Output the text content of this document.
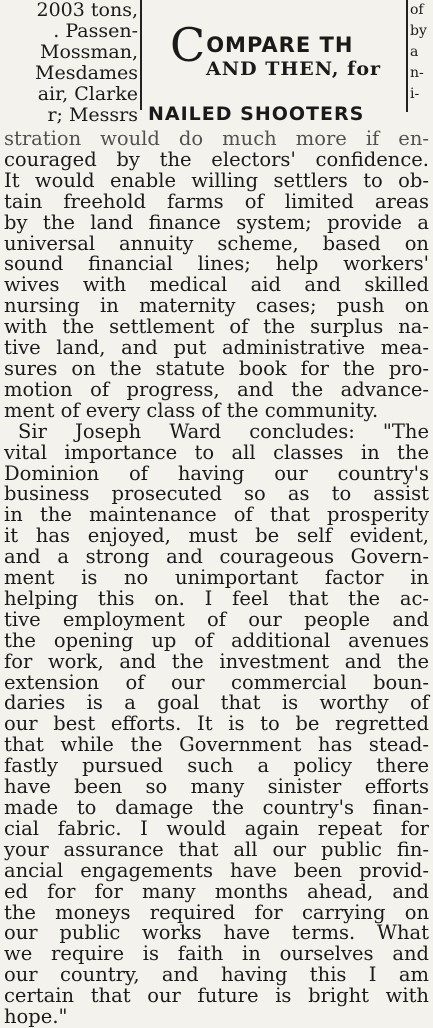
2003 tons,
. Passen-
Mossman,
Mesdames
air, Clarke
r; Messrs
COMPARE TH
AND THEN, for
of
by
a
n-
i-
NAILED SHOOTERS
stration would do much more if en-
couraged by the electors' confidence.
It would enable willing settlers to ob-
tain freehold farms of limited areas
by the land finance system; provide a
universal annuity scheme, based on
sound financial lines; help workers'
wives with medical aid and skilled
nursing in maternity cases; push on
with the settlement of the surplus na-
tive land, and put administrative mea-
sures on the statute book for the pro-
motion of progress, and the advance-
ment of every class of the community.
Sir Joseph Ward concludes: "The
vital importance to all classes in the
Dominion of having our country's
business prosecuted so as to assist
in the maintenance of that prosperity
it has enjoyed, must be self evident,
and a strong and courageous Govern-
ment is no unimportant factor in
helping this on. I feel that the ac-
tive employment of our people and
the opening up of additional avenues
for work, and the investment and the
extension of our commercial boun-
daries is a goal that is worthy of
our best efforts. It is to be regretted
that while the Government has stead-
fastly pursued such a policy there
have been so many sinister efforts
made to damage the country's finan-
cial fabric. I would again repeat for
your assurance that all our public fin-
ancial engagements have been provid-
ed for for many months ahead, and
the moneys required for carrying on
our public works have terms. What
we require is faith in ourselves and
our country, and having this I am
certain that our future is bright with
hope."
